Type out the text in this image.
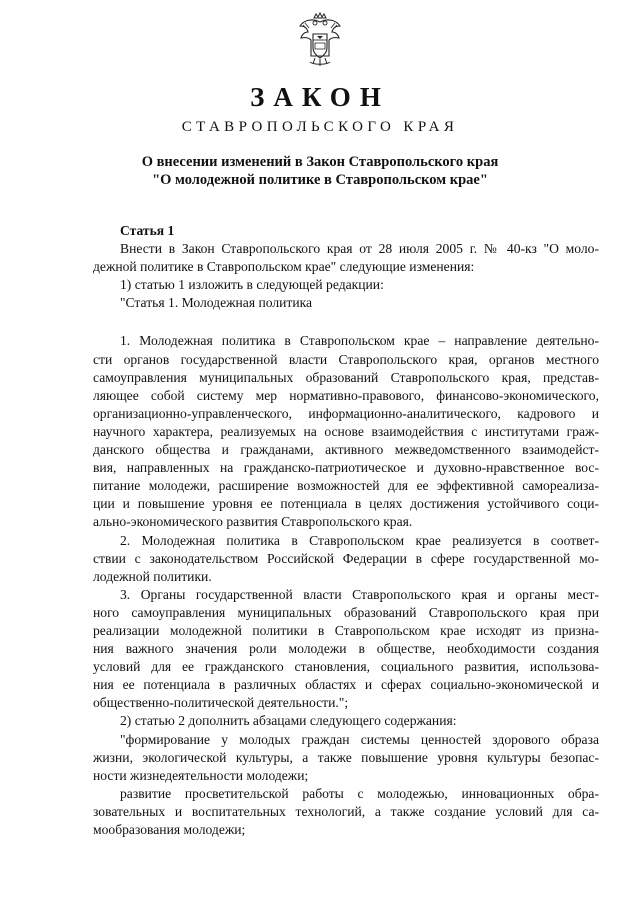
ЗАКОН
СТАВРОПОЛЬСКОГО КРАЯ
О внесении изменений в Закон Ставропольского края
"О молодежной политике в Ставропольском крае"

Статья 1

Внести в Закон Ставропольского края от 28 июля 2005 г. № 40-кз "О моло-
дежной политике в Ставропольском крае" следующие изменения:
1) статью 1 изложить в следующей редакции:
"Статья 1. Молодежная политика
1. Молодежная политика в Ставропольском крае – направление деятельно-
сти органов государственной власти Ставропольского края, органов местного
самоуправления муниципальных образований Ставропольского края, представ-
ляющее собой систему мер нормативно-правового, финансово-экономического,
организационно-управленческого, информационно-аналитического, кадрового и
научного характера, реализуемых на основе взаимодействия с институтами граж-
данского общества и гражданами, активного межведомственного взаимодейст-
вия, направленных на гражданско-патриотическое и духовно-нравственное вос-
питание молодежи, расширение возможностей для ее эффективной самореализа-
ции и повышение уровня ее потенциала в целях достижения устойчивого соци-
ально-экономического развития Ставропольского края.
2. Молодежная политика в Ставропольском крае реализуется в соответ-
ствии с законодательством Российской Федерации в сфере государственной мо-
лодежной политики.
3. Органы государственной власти Ставропольского края и органы мест-
ного самоуправления муниципальных образований Ставропольского края при
реализации молодежной политики в Ставропольском крае исходят из призна-
ния важного значения роли молодежи в обществе, необходимости создания
условий для ее гражданского становления, социального развития, использова-
ния ее потенциала в различных областях и сферах социально-экономической и
общественно-политической деятельности.";
2) статью 2 дополнить абзацами следующего содержания:
"формирование у молодых граждан системы ценностей здорового образа
жизни, экологической культуры, а также повышение уровня культуры безопас-
ности жизнедеятельности молодежи;
развитие просветительской работы с молодежью, инновационных обра-
зовательных и воспитательных технологий, а также создание условий для са-
мообразования молодежи;
